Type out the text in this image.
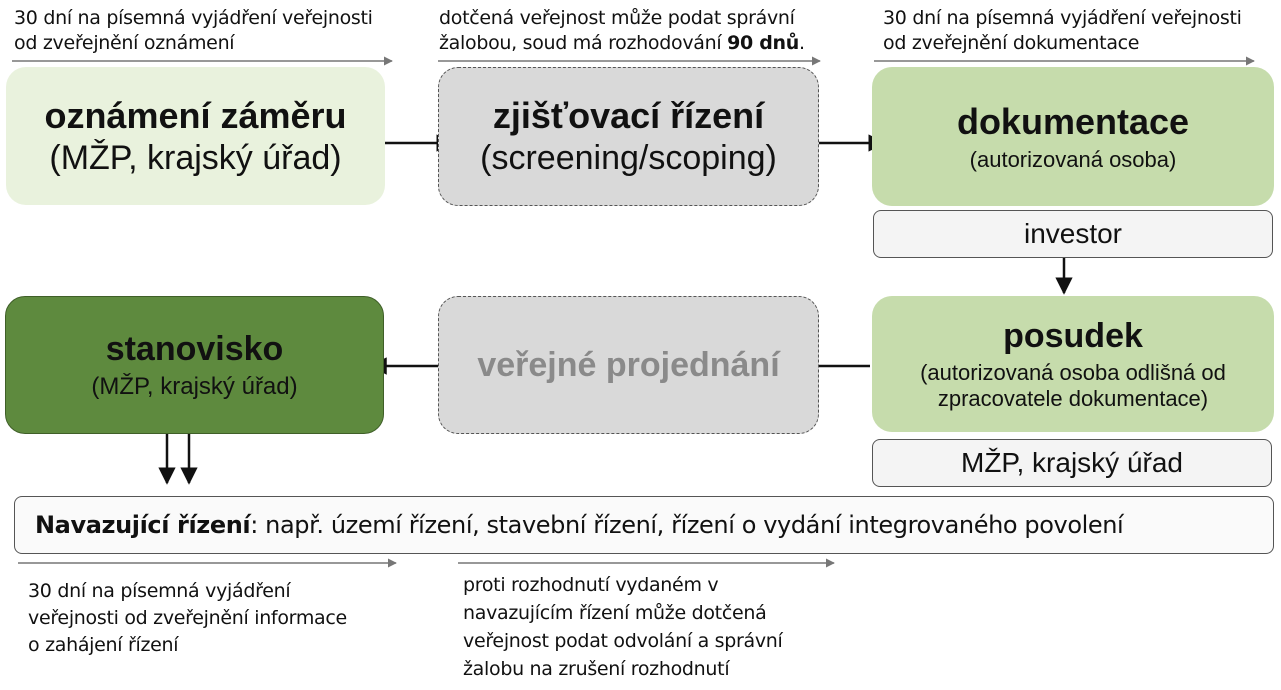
30 dní na písemná vyjádření veřejnosti
od zveřejnění oznámení
dotčená veřejnost může podat správní
žalobou, soud má rozhodování 90 dnů.
30 dní na písemná vyjádření veřejnosti
od zveřejnění dokumentace
oznámení záměru
(MŽP, krajský úřad)
zjišťovací řízení
(screening/scoping)
dokumentace
(autorizovaná osoba)
investor
stanovisko
(MŽP, krajský úřad)
veřejné projednání
posudek
(autorizovaná osoba odlišná od
zpracovatele dokumentace)
MŽP, krajský úřad
Navazující řízení: např. území řízení, stavební řízení, řízení o vydání integrovaného povolení
30 dní na písemná vyjádření
veřejnosti od zveřejnění informace
o zahájení řízení
proti rozhodnutí vydaném v
navazujícím řízení může dotčená
veřejnost podat odvolání a správní
žalobu na zrušení rozhodnutí
